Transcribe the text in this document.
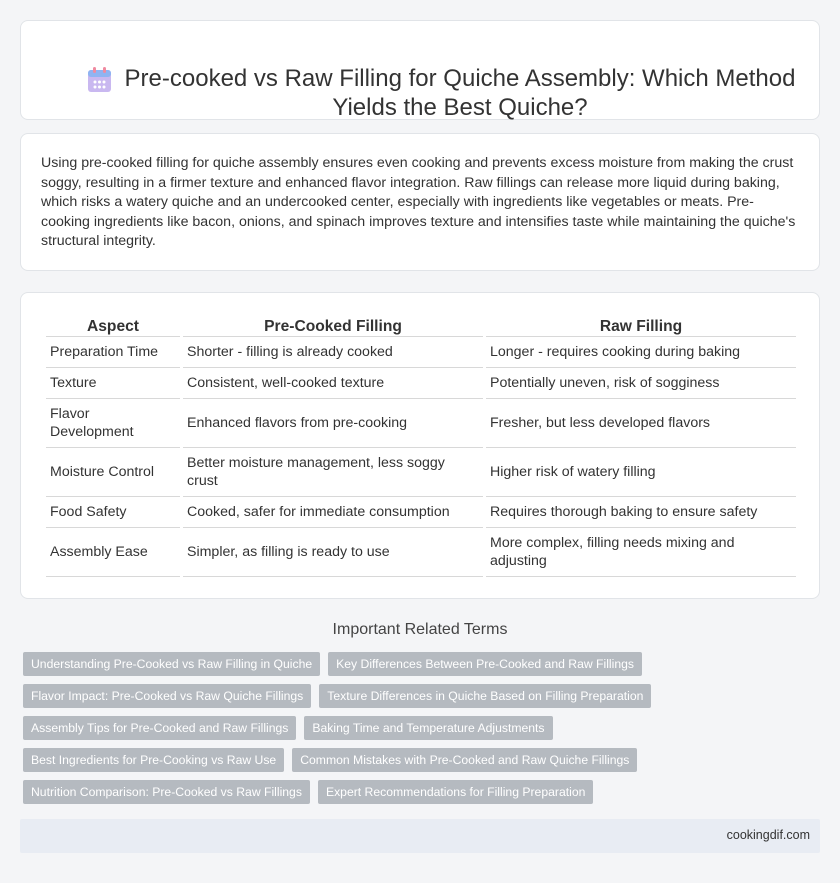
Pre-cooked vs Raw Filling for Quiche Assembly: Which Method Yields the Best Quiche?

Using pre-cooked filling for quiche assembly ensures even cooking and prevents excess moisture from making the crust soggy, resulting in a firmer texture and enhanced flavor integration. Raw fillings can release more liquid during baking, which risks a watery quiche and an undercooked center, especially with ingredients like vegetables or meats. Pre-cooking ingredients like bacon, onions, and spinach improves texture and intensifies taste while maintaining the quiche's structural integrity.

Aspect	Pre-Cooked Filling	Raw Filling
Preparation Time	Shorter - filling is already cooked	Longer - requires cooking during baking
Texture	Consistent, well-cooked texture	Potentially uneven, risk of sogginess
Flavor Development	Enhanced flavors from pre-cooking	Fresher, but less developed flavors
Moisture Control	Better moisture management, less soggy crust	Higher risk of watery filling
Food Safety	Cooked, safer for immediate consumption	Requires thorough baking to ensure safety
Assembly Ease	Simpler, as filling is ready to use	More complex, filling needs mixing and adjusting
Important Related Terms
Understanding Pre-Cooked vs Raw Filling in Quiche	Key Differences Between Pre-Cooked and Raw Fillings
Flavor Impact: Pre-Cooked vs Raw Quiche Fillings	Texture Differences in Quiche Based on Filling Preparation
Assembly Tips for Pre-Cooked and Raw Fillings	Baking Time and Temperature Adjustments
Best Ingredients for Pre-Cooking vs Raw Use	Common Mistakes with Pre-Cooked and Raw Quiche Fillings
Nutrition Comparison: Pre-Cooked vs Raw Fillings	Expert Recommendations for Filling Preparation
cookingdif.com
